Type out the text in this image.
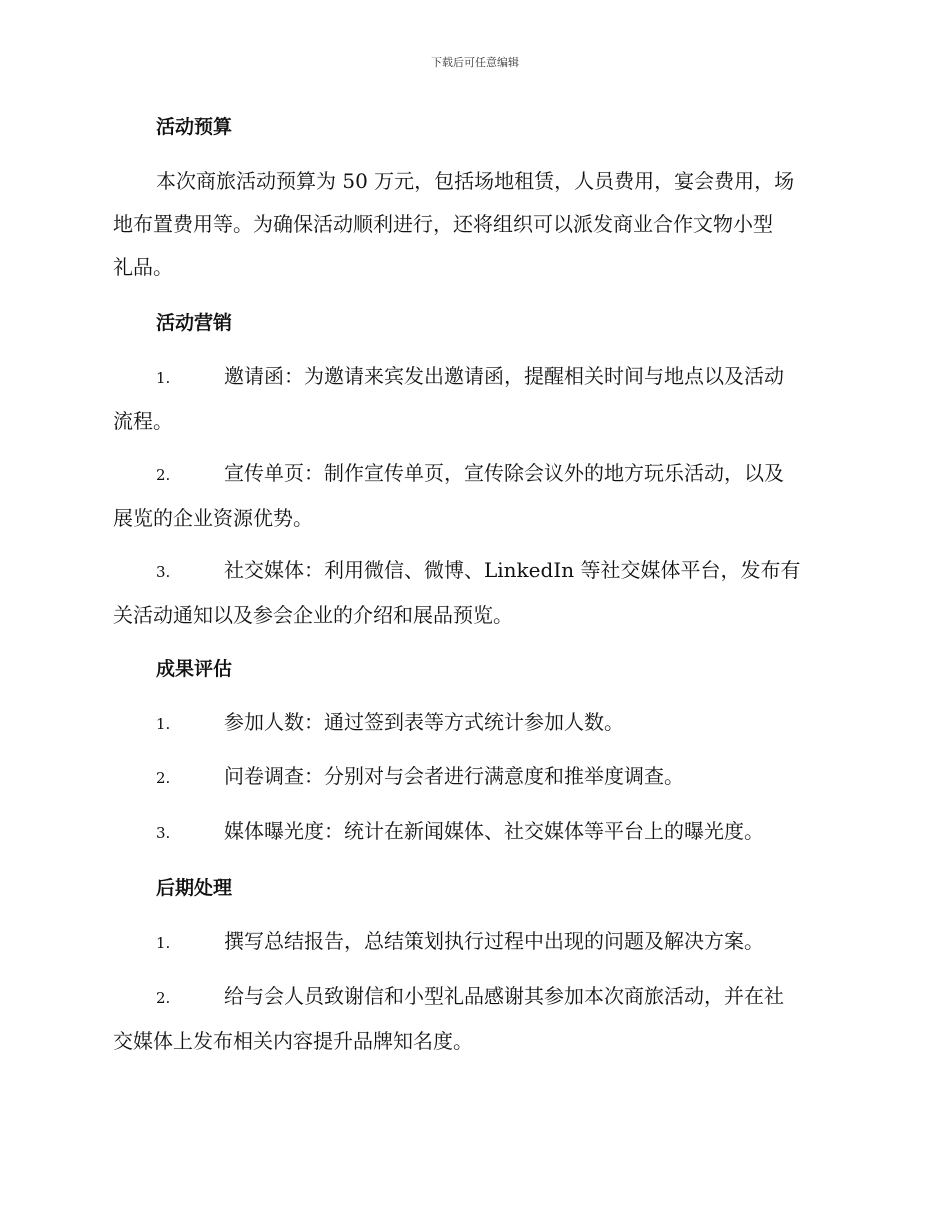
下载后可任意编辑
活动预算
本次商旅活动预算为 50 万元，包括场地租赁，人员费用，宴会费用，场
地布置费用等。为确保活动顺利进行，还将组织可以派发商业合作文物小型
礼品。
活动营销
1.	邀请函：为邀请来宾发出邀请函，提醒相关时间与地点以及活动
流程。
2.	宣传单页：制作宣传单页，宣传除会议外的地方玩乐活动，以及
展览的企业资源优势。
3.	社交媒体：利用微信、微博、LinkedIn 等社交媒体平台，发布有
关活动通知以及参会企业的介绍和展品预览。
成果评估
1.	参加人数：通过签到表等方式统计参加人数。
2.	问卷调查：分别对与会者进行满意度和推举度调查。
3.	媒体曝光度：统计在新闻媒体、社交媒体等平台上的曝光度。
后期处理
1.	撰写总结报告，总结策划执行过程中出现的问题及解决方案。
2.	给与会人员致谢信和小型礼品感谢其参加本次商旅活动，并在社
交媒体上发布相关内容提升品牌知名度。
